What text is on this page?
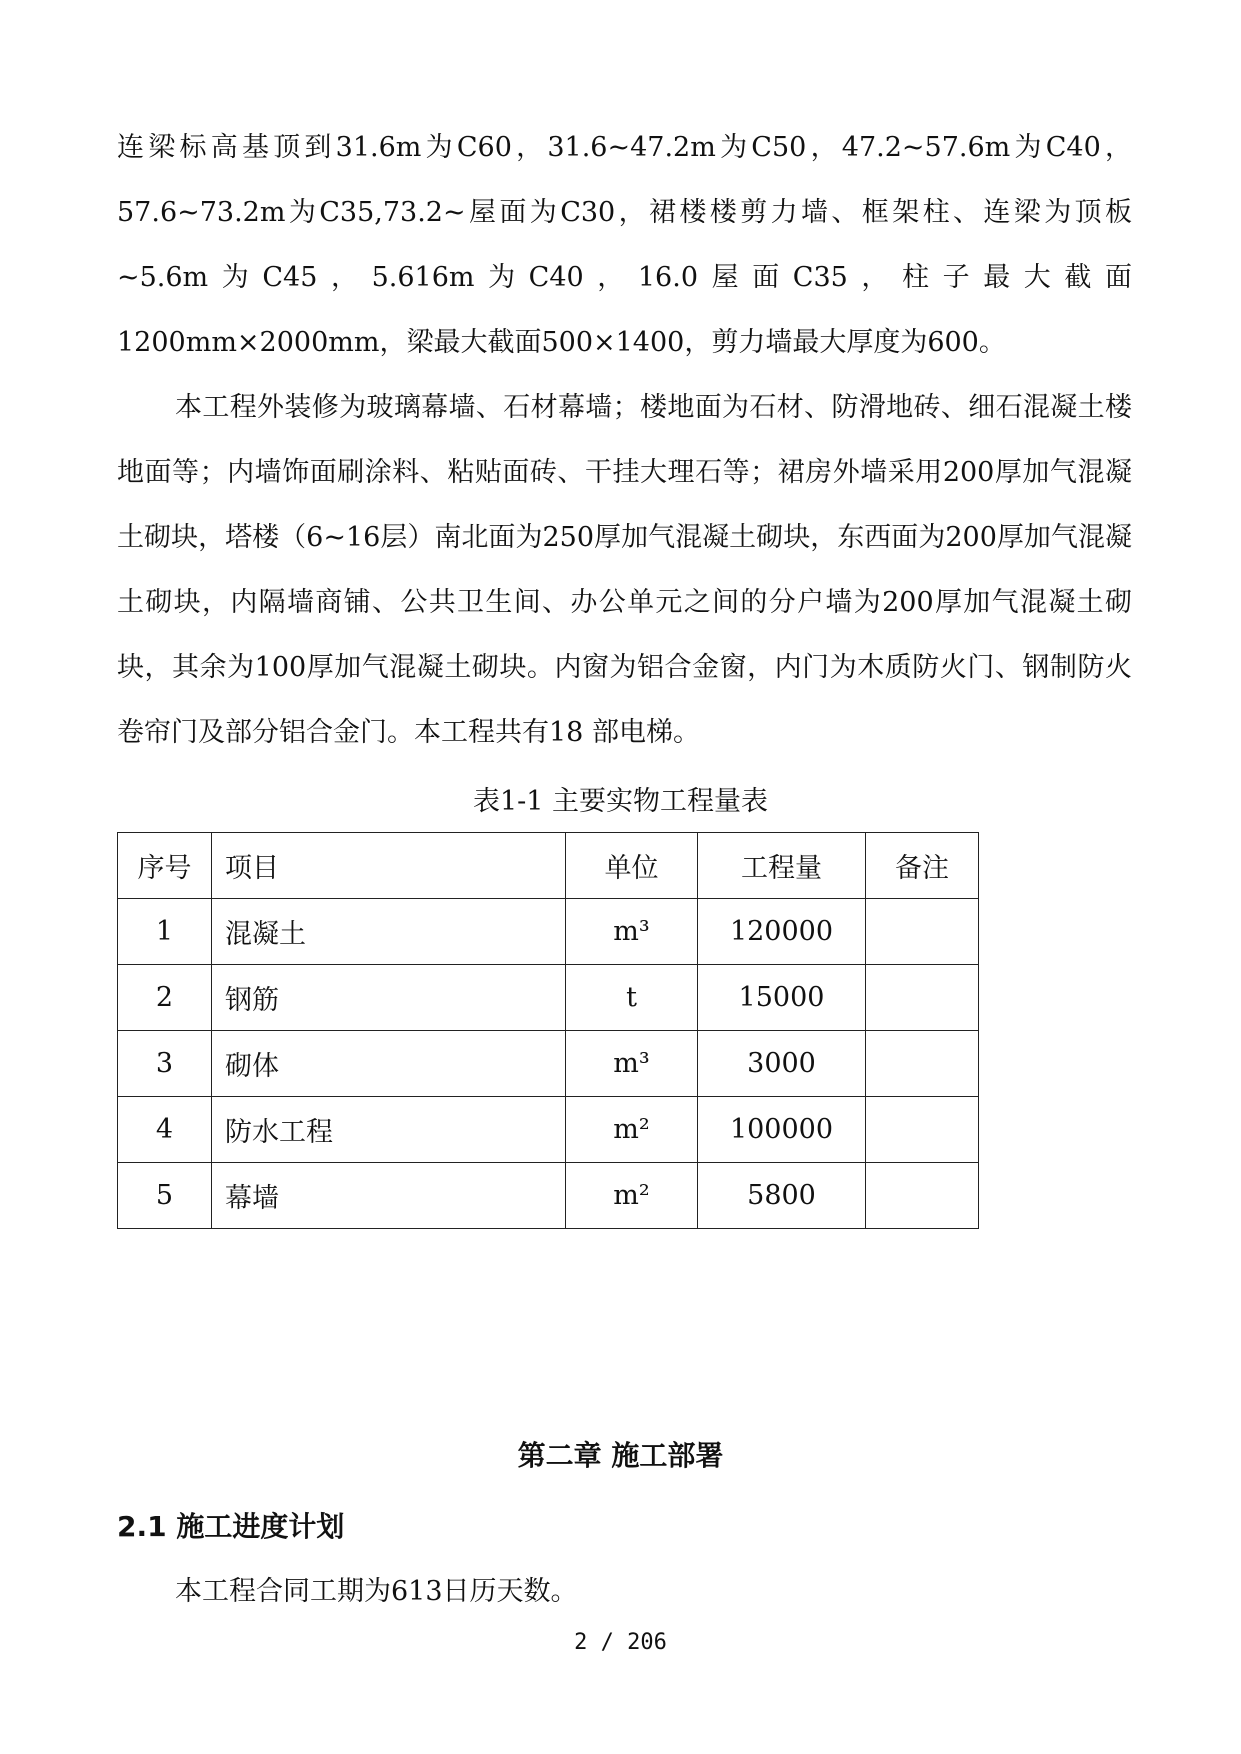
连梁标高基顶到31.6m为C60，31.6~47.2m为C50，47.2~57.6m为C40，57.6~73.2m为C35,73.2~屋面为C30，裙楼楼剪力墙、框架柱、连梁为顶板~5.6m为C45，5.616m为C40，16.0屋面C35，柱子最大截面1200mm×2000mm，梁最大截面500×1400，剪力墙最大厚度为600。
本工程外装修为玻璃幕墙、石材幕墙；楼地面为石材、防滑地砖、细石混凝土楼地面等；内墙饰面刷涂料、粘贴面砖、干挂大理石等；裙房外墙采用200厚加气混凝土砌块，塔楼（6~16层）南北面为250厚加气混凝土砌块，东西面为200厚加气混凝土砌块，内隔墙商铺、公共卫生间、办公单元之间的分户墙为200厚加气混凝土砌块，其余为100厚加气混凝土砌块。内窗为铝合金窗，内门为木质防火门、钢制防火卷帘门及部分铝合金门。本工程共有18 部电梯。
表1-1 主要实物工程量表
序号	项目	单位	工程量	备注
1	混凝土	m³	120000	
2	钢筋	t	15000	
3	砌体	m³	3000	
4	防水工程	m²	100000	
5	幕墙	m²	5800	
第二章 施工部署
2.1 施工进度计划
本工程合同工期为613日历天数。
2 / 206
